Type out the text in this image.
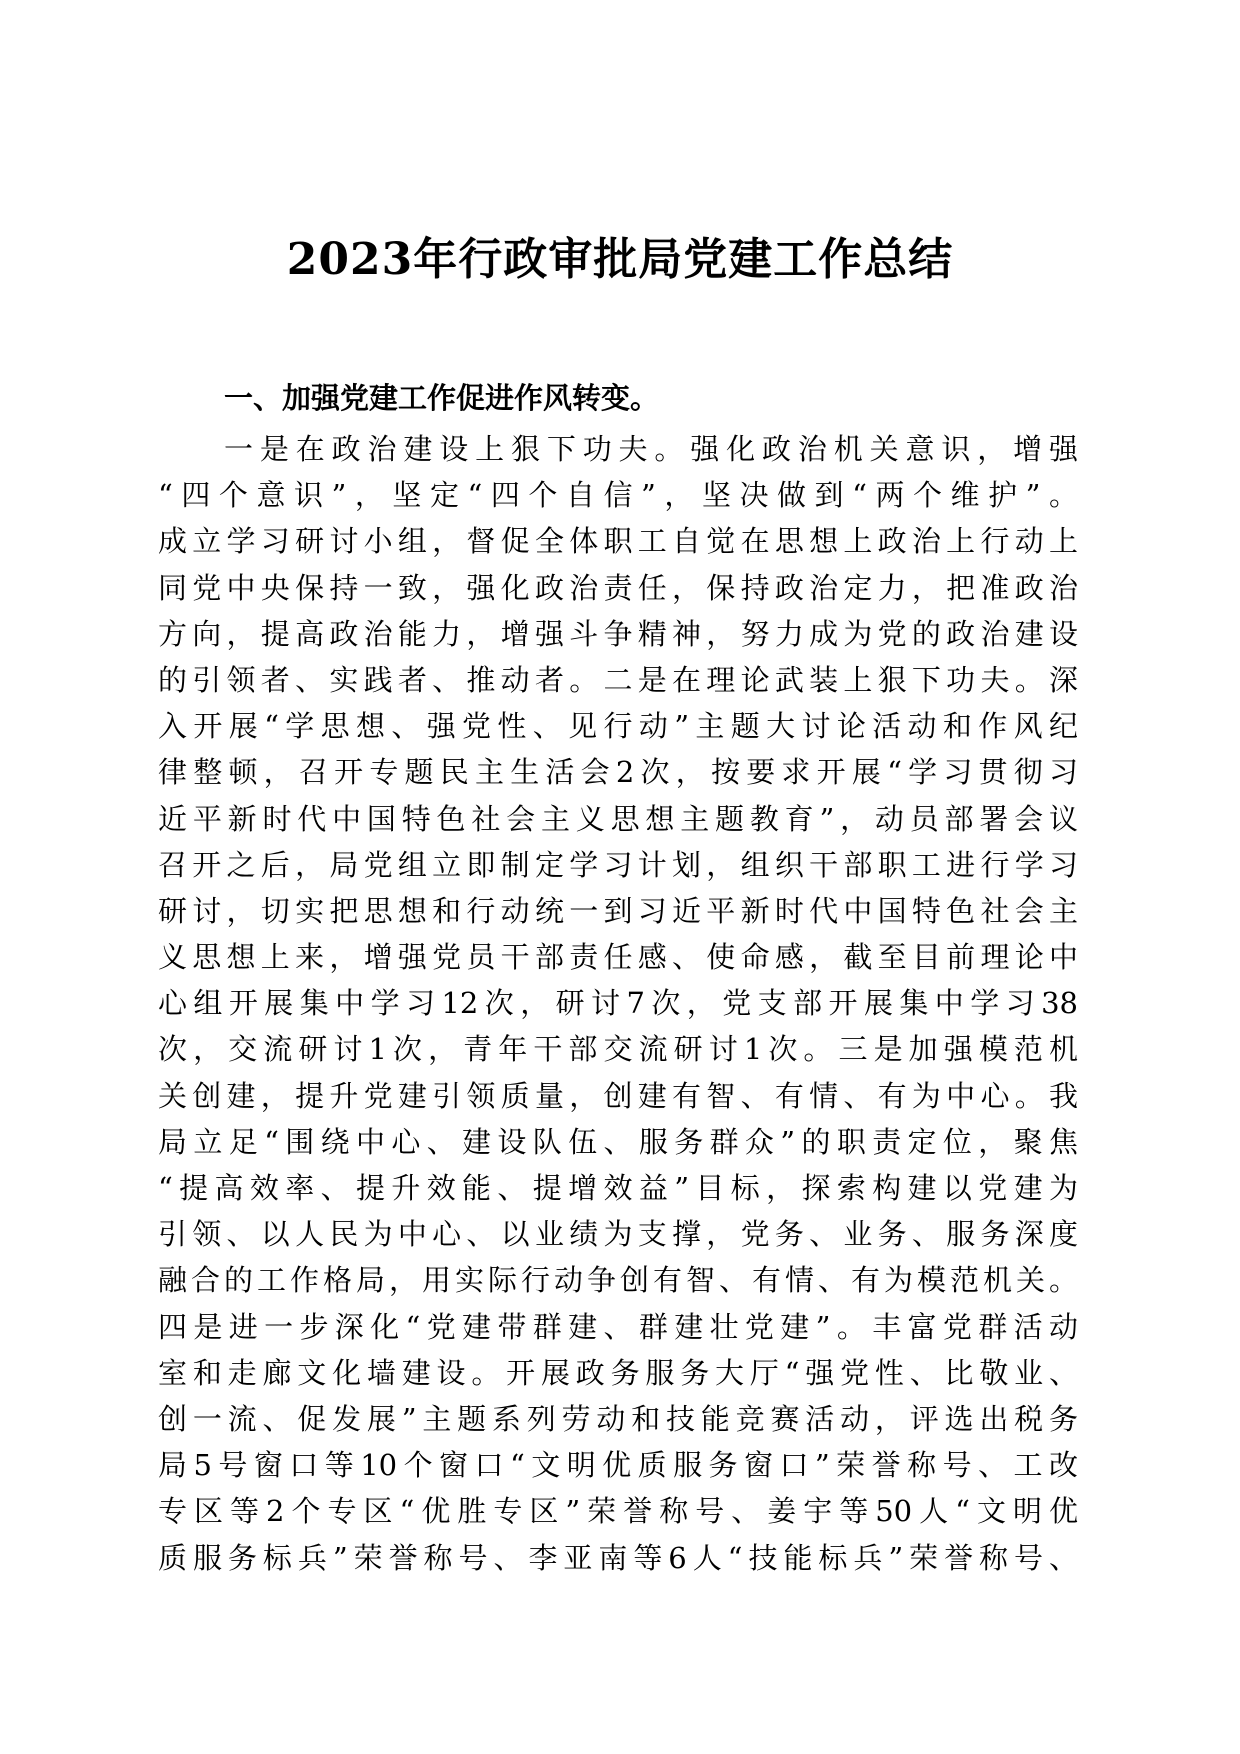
2023年行政审批局党建工作总结
一、加强党建工作促进作风转变。
一是在政治建设上狠下功夫。强化政治机关意识，增强
“四个意识”，坚定“四个自信”，坚决做到“两个维护”。
成立学习研讨小组，督促全体职工自觉在思想上政治上行动上
同党中央保持一致，强化政治责任，保持政治定力，把准政治
方向，提高政治能力，增强斗争精神，努力成为党的政治建设
的引领者、实践者、推动者。二是在理论武装上狠下功夫。深
入开展“学思想、强党性、见行动”主题大讨论活动和作风纪
律整顿，召开专题民主生活会2次，按要求开展“学习贯彻习
近平新时代中国特色社会主义思想主题教育”，动员部署会议
召开之后，局党组立即制定学习计划，组织干部职工进行学习
研讨，切实把思想和行动统一到习近平新时代中国特色社会主
义思想上来，增强党员干部责任感、使命感，截至目前理论中
心组开展集中学习12次，研讨7次，党支部开展集中学习38
次，交流研讨1次，青年干部交流研讨1次。三是加强模范机
关创建，提升党建引领质量，创建有智、有情、有为中心。我
局立足“围绕中心、建设队伍、服务群众”的职责定位，聚焦
“提高效率、提升效能、提增效益”目标，探索构建以党建为
引领、以人民为中心、以业绩为支撑，党务、业务、服务深度
融合的工作格局，用实际行动争创有智、有情、有为模范机关。
四是进一步深化“党建带群建、群建壮党建”。丰富党群活动
室和走廊文化墙建设。开展政务服务大厅“强党性、比敬业、
创一流、促发展”主题系列劳动和技能竞赛活动，评选出税务
局5号窗口等10个窗口“文明优质服务窗口”荣誉称号、工改
专区等2个专区“优胜专区”荣誉称号、姜宇等50人“文明优
质服务标兵”荣誉称号、李亚南等6人“技能标兵”荣誉称号、
